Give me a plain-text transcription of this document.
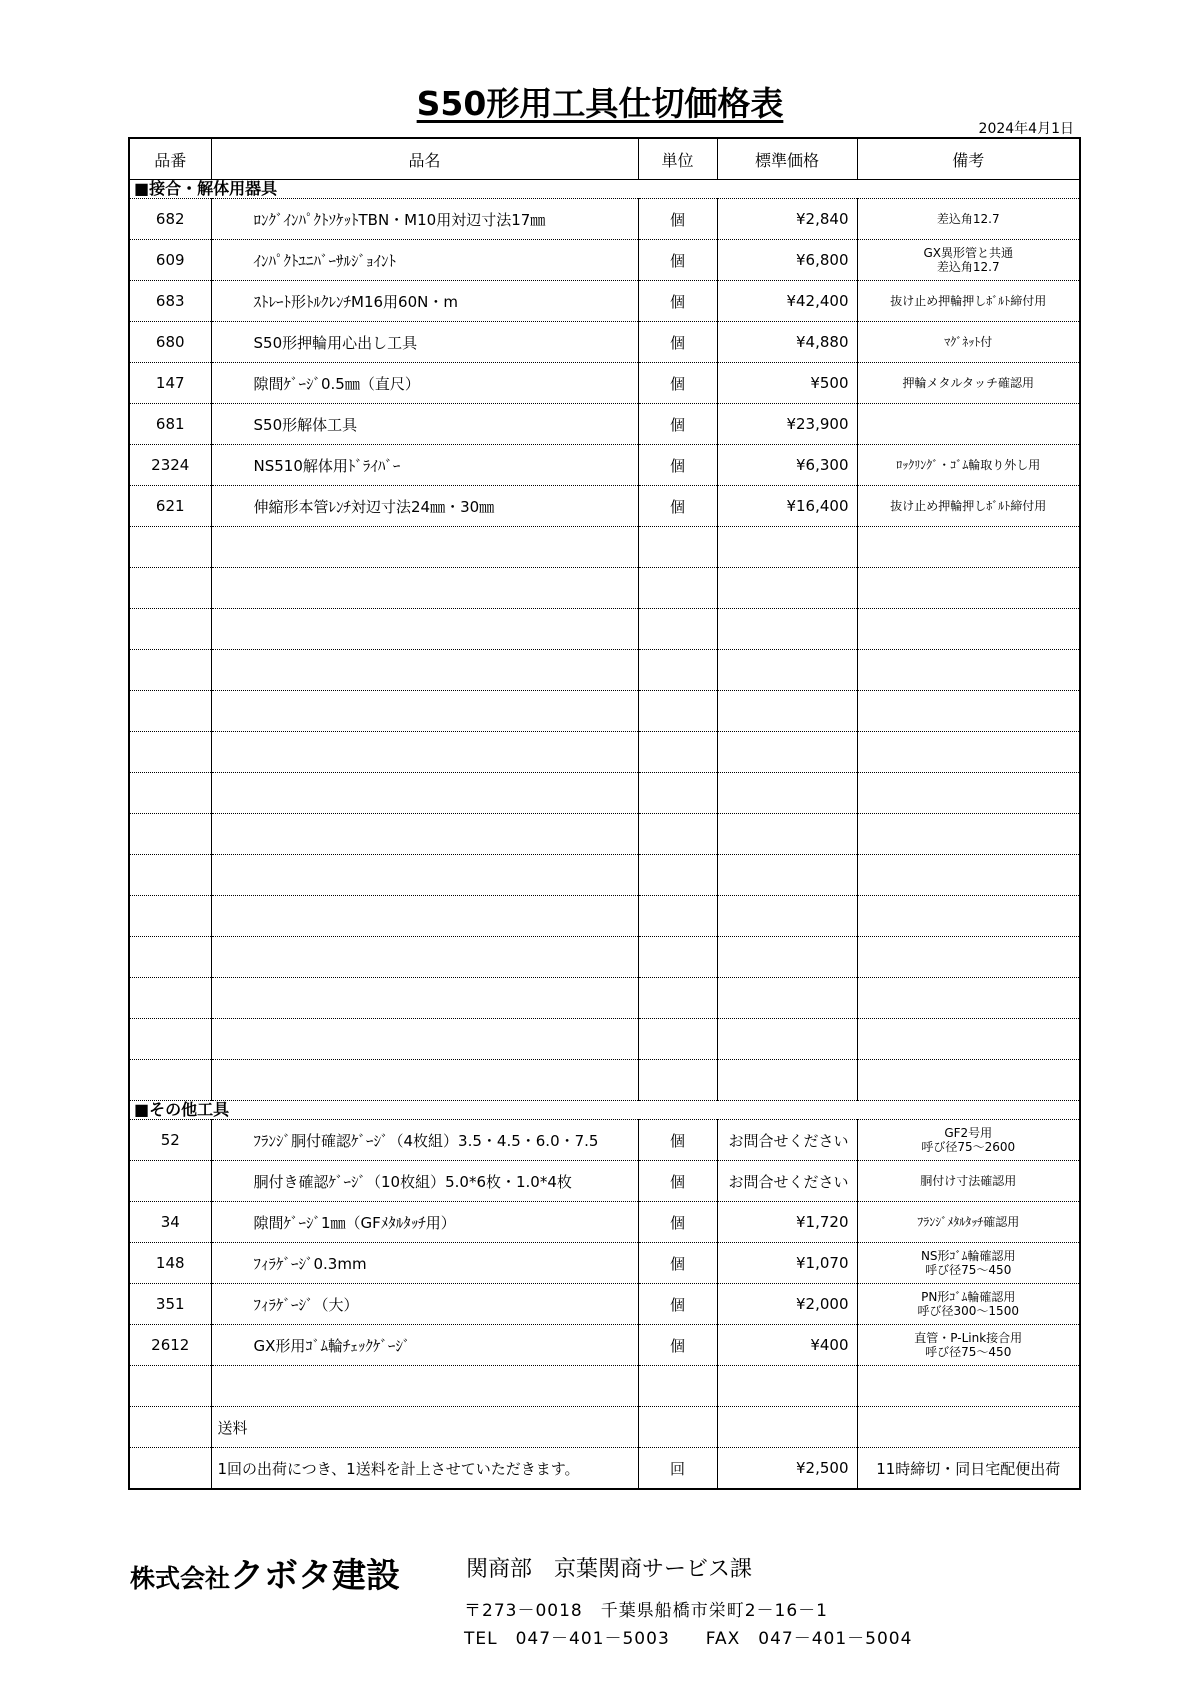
S50形用工具仕切価格表
2024年4月1日
品番	品名	単位	標準価格	備考
■接合・解体用器具				
682	ﾛﾝｸﾞｲﾝﾊﾟｸﾄｿｹｯﾄTBN・M10用対辺寸法17㎜	個	¥2,840	差込角12.7
609	ｲﾝﾊﾟｸﾄﾕﾆﾊﾞｰｻﾙｼﾞｮｲﾝﾄ	個	¥6,800	GX異形管と共通
差込角12.7
683	ｽﾄﾚｰﾄ形ﾄﾙｸﾚﾝﾁM16用60N・m	個	¥42,400	抜け止め押輪押しﾎﾞﾙﾄ締付用
680	S50形押輪用心出し工具	個	¥4,880	ﾏｸﾞﾈｯﾄ付
147	隙間ｹﾞｰｼﾞ0.5㎜（直尺）	個	¥500	押輪メタルタッチ確認用
681	S50形解体工具	個	¥23,900	
2324	NS510解体用ﾄﾞﾗｲﾊﾞｰ	個	¥6,300	ﾛｯｸﾘﾝｸﾞ・ｺﾞﾑ輪取り外し用
621	伸縮形本管ﾚﾝﾁ対辺寸法24㎜・30㎜	個	¥16,400	抜け止め押輪押しﾎﾞﾙﾄ締付用

■その他工具				
52	ﾌﾗﾝｼﾞ胴付確認ｹﾞｰｼﾞ（4枚組）3.5・4.5・6.0・7.5	個	お問合せください	GF2号用
呼び径75～2600
	胴付き確認ｹﾞｰｼﾞ（10枚組）5.0*6枚・1.0*4枚	個	お問合せください	胴付け寸法確認用
34	隙間ｹﾞｰｼﾞ1㎜（GFﾒﾀﾙﾀｯﾁ用）	個	¥1,720	ﾌﾗﾝｼﾞﾒﾀﾙﾀｯﾁ確認用
148	ﾌｨﾗｹﾞｰｼﾞ0.3mm	個	¥1,070	NS形ｺﾞﾑ輪確認用
呼び径75～450
351	ﾌｨﾗｹﾞｰｼﾞ（大）	個	¥2,000	PN形ｺﾞﾑ輪確認用
呼び径300～1500
2612	GX形用ｺﾞﾑ輪ﾁｪｯｸｹﾞｰｼﾞ	個	¥400	直管・P-Link接合用
呼び径75～450

	送料			
	1回の出荷につき、1送料を計上させていただきます。	回	¥2,500	11時締切・同日宅配便出荷
株式会社クボタ建設	関商部　京葉関商サービス課
〒273－0018　千葉県船橋市栄町2－16－1
TEL　047－401－5003　　FAX　047－401－5004
